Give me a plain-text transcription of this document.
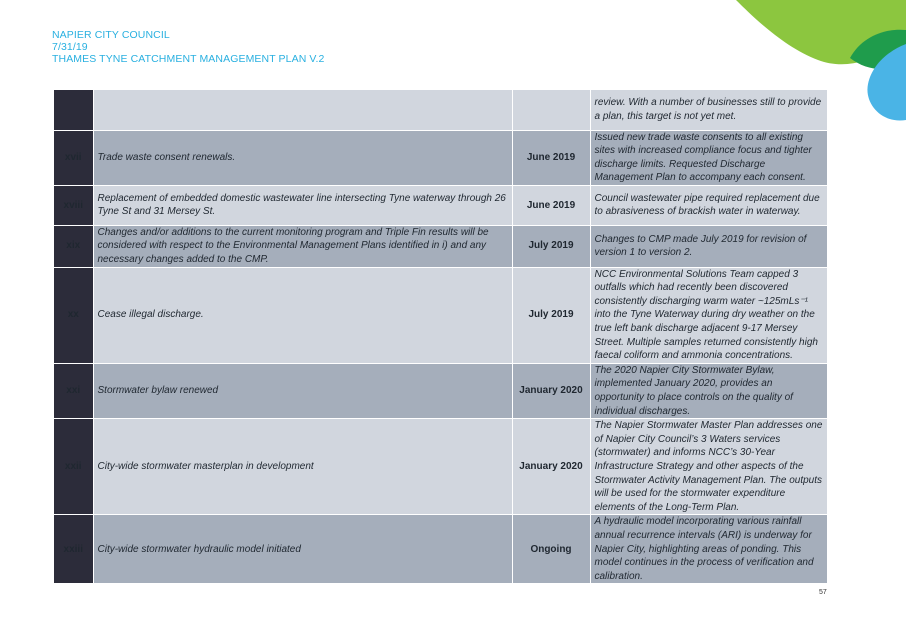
NAPIER CITY COUNCIL
7/31/19
THAMES TYNE CATCHMENT MANAGEMENT PLAN V.2
			review. With a number of businesses still to provide a plan, this target is not yet met.
xvii	Trade waste consent renewals.	June 2019	Issued new trade waste consents to all existing sites with increased compliance focus and tighter discharge limits. Requested Discharge Management Plan to accompany each consent.
xviii	Replacement of embedded domestic wastewater line intersecting Tyne waterway through 26 Tyne St and 31 Mersey St.	June 2019	Council wastewater pipe required replacement due to abrasiveness of brackish water in waterway.
xix	Changes and/or additions to the current monitoring program and Triple Fin results will be considered with respect to the Environmental Management Plans identified in i) and any necessary changes added to the CMP.	July 2019	Changes to CMP made July 2019 for revision of version 1 to version 2.
xx	Cease illegal discharge.	July 2019	NCC Environmental Solutions Team capped 3 outfalls which had recently been discovered consistently discharging warm water ~125mLs⁻¹ into the Tyne Waterway during dry weather on the true left bank discharge adjacent 9-17 Mersey Street. Multiple samples returned consistently high faecal coliform and ammonia concentrations.
xxi	Stormwater bylaw renewed	January 2020	The 2020 Napier City Stormwater Bylaw, implemented January 2020, provides an opportunity to place controls on the quality of individual discharges.
xxii	City-wide stormwater masterplan in development	January 2020	The Napier Stormwater Master Plan addresses one of Napier City Council’s 3 Waters services (stormwater) and informs NCC’s 30-Year Infrastructure Strategy and other aspects of the Stormwater Activity Management Plan. The outputs will be used for the stormwater expenditure elements of the Long-Term Plan.
xxiii	City-wide stormwater hydraulic model initiated	Ongoing	A hydraulic model incorporating various rainfall annual recurrence intervals (ARI) is underway for Napier City, highlighting areas of ponding. This model continues in the process of verification and calibration.
57
